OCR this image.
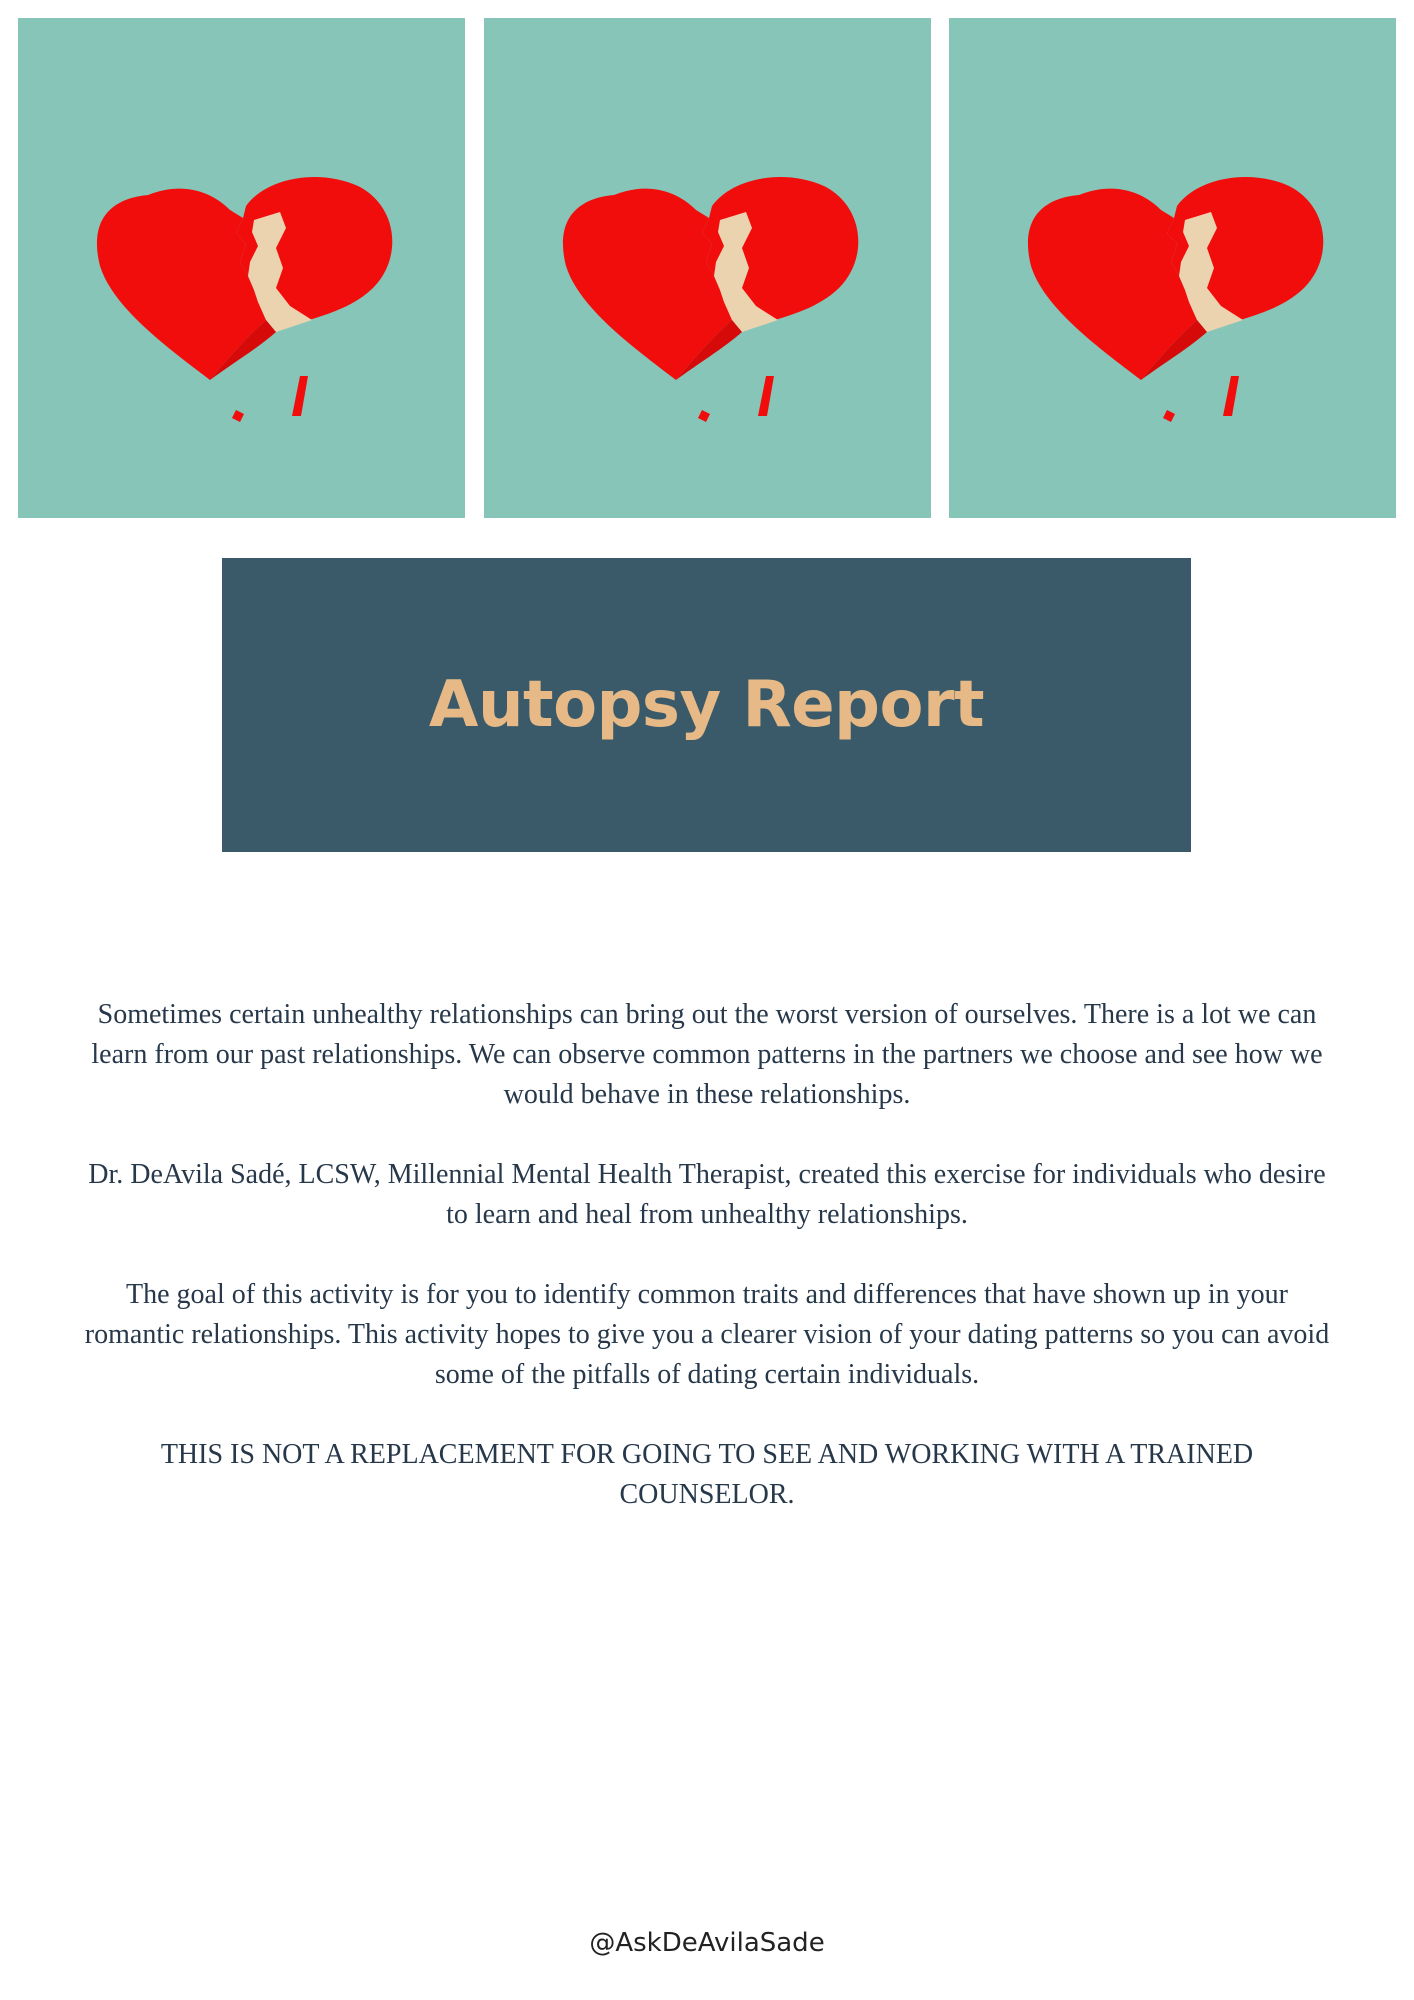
Autopsy Report

Sometimes certain unhealthy relationships can bring out the worst version of ourselves. There is a lot we can learn from our past relationships. We can observe common patterns in the partners we choose and see how we would behave in these relationships.

Dr. DeAvila Sadé, LCSW, Millennial Mental Health Therapist, created this exercise for individuals who desire to learn and heal from unhealthy relationships.

The goal of this activity is for you to identify common traits and differences that have shown up in your romantic relationships. This activity hopes to give you a clearer vision of your dating patterns so you can avoid some of the pitfalls of dating certain individuals.

THIS IS NOT A REPLACEMENT FOR GOING TO SEE AND WORKING WITH A TRAINED COUNSELOR.

@AskDeAvilaSade
